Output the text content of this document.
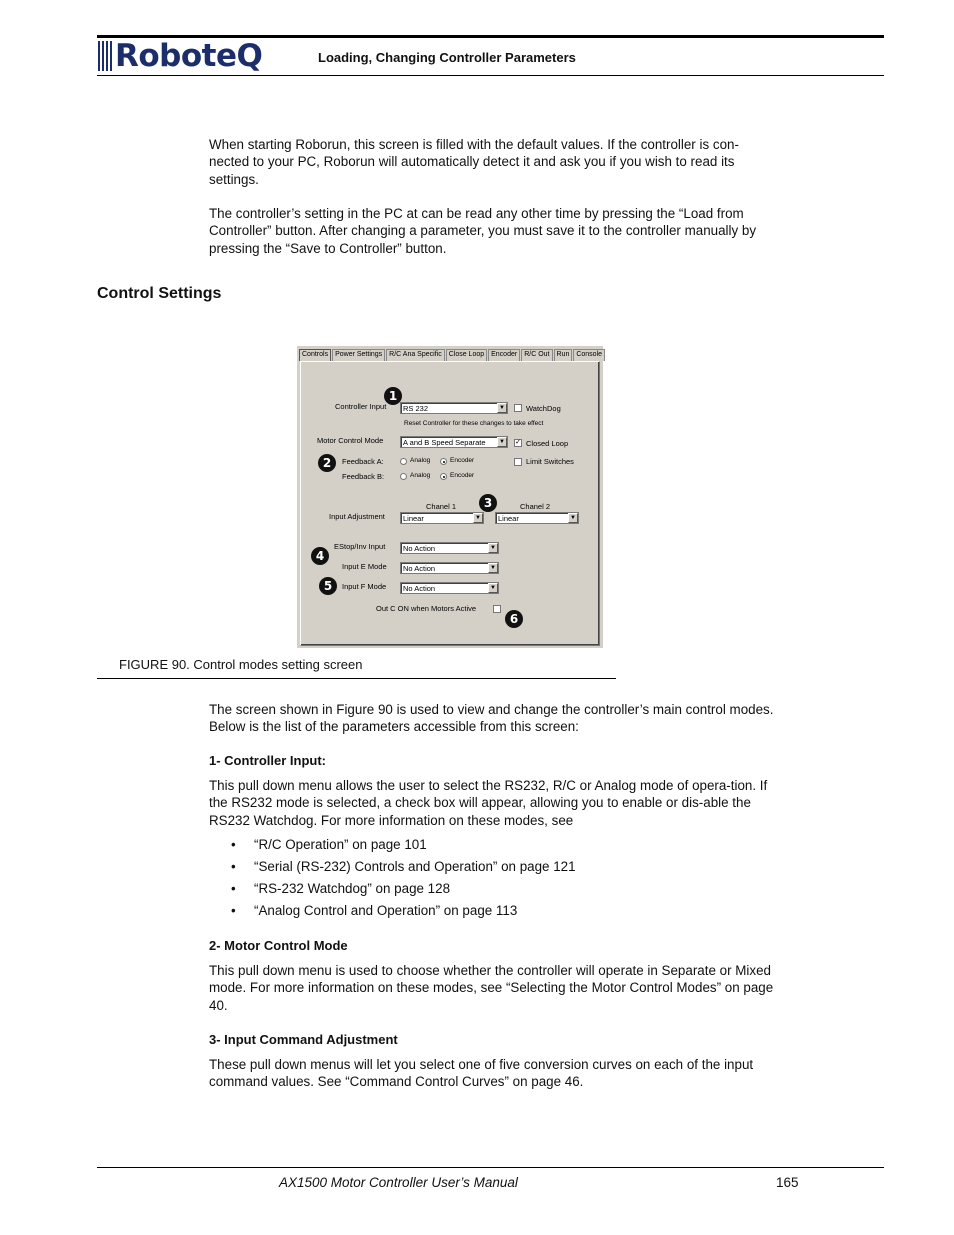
RoboteQ	Loading, Changing Controller Parameters
When starting Roborun, this screen is filled with the default values. If the controller is con-nected to your PC, Roborun will automatically detect it and ask you if you wish to read its settings.
The controller’s setting in the PC at can be read any other time by pressing the “Load from Controller” button. After changing a parameter, you must save it to the controller manually by pressing the “Save to Controller” button.
Control Settings
Controls	Power Settings	R/C Ana Specific	Close Loop	Encoder	R/C Out	Run	Console
Controller Input	RS 232	▼	WatchDog
Reset Controller for these changes to take effect
Motor Control Mode	A and B Speed Separate	▼ ✓ Closed Loop
Feedback A:	Analog	Encoder	Limit Switches
Feedback B:	Analog	Encoder
Chanel 1	Chanel 2
Input Adjustment	Linear	▼	Linear	▼
EStop/Inv Input	No Action	▼
Input E Mode	No Action	▼
Input F Mode	No Action	▼
Out C ON when Motors Active
1
2
3
4
5
6
FIGURE 90. Control modes setting screen
The screen shown in Figure 90 is used to view and change the controller’s main control modes. Below is the list of the parameters accessible from this screen:
1- Controller Input:
This pull down menu allows the user to select the RS232, R/C or Analog mode of opera-tion. If the RS232 mode is selected, a check box will appear, allowing you to enable or dis-able the RS232 Watchdog. For more information on these modes, see
• “R/C Operation” on page 101
• “Serial (RS-232) Controls and Operation” on page 121
• “RS-232 Watchdog” on page 128
• “Analog Control and Operation” on page 113
2- Motor Control Mode
This pull down menu is used to choose whether the controller will operate in Separate or Mixed mode. For more information on these modes, see “Selecting the Motor Control Modes” on page 40.
3- Input Command Adjustment
These pull down menus will let you select one of five conversion curves on each of the input command values. See “Command Control Curves” on page 46.
AX1500 Motor Controller User’s Manual	165
